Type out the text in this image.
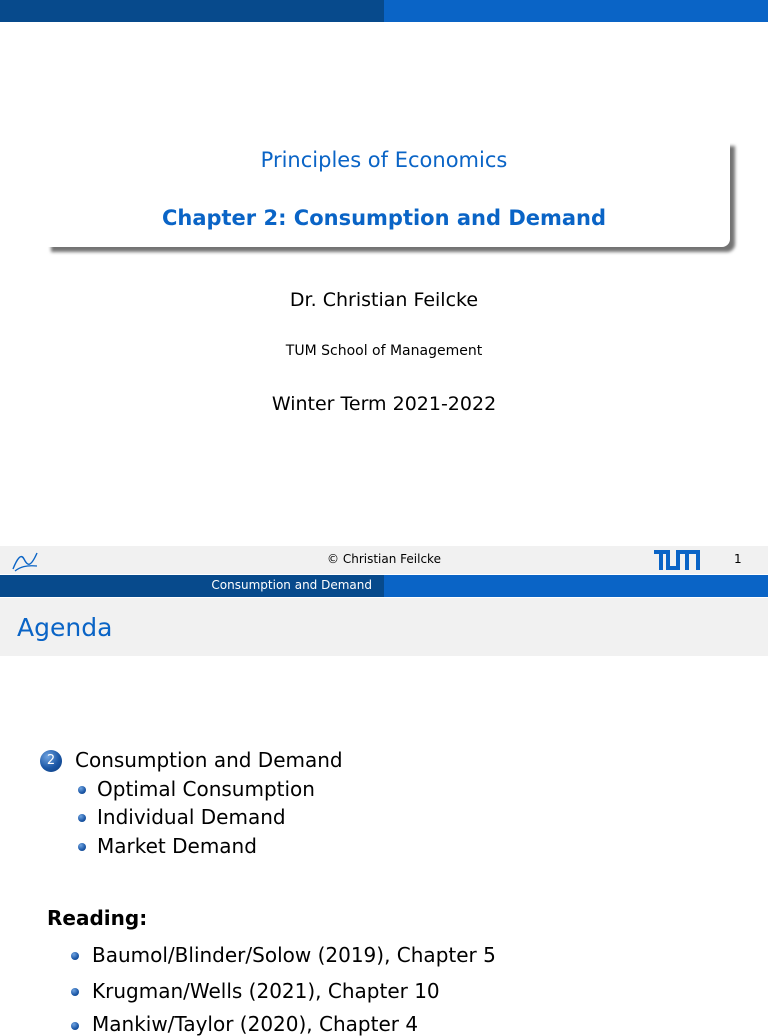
Principles of Economics
Chapter 2: Consumption and Demand
Dr. Christian Feilcke
TUM School of Management
Winter Term 2021-2022
© Christian Feilcke	1
Consumption and Demand
Agenda
2 Consumption and Demand
Optimal Consumption
Individual Demand
Market Demand
Reading:
Baumol/Blinder/Solow (2019), Chapter 5
Krugman/Wells (2021), Chapter 10
Mankiw/Taylor (2020), Chapter 4
